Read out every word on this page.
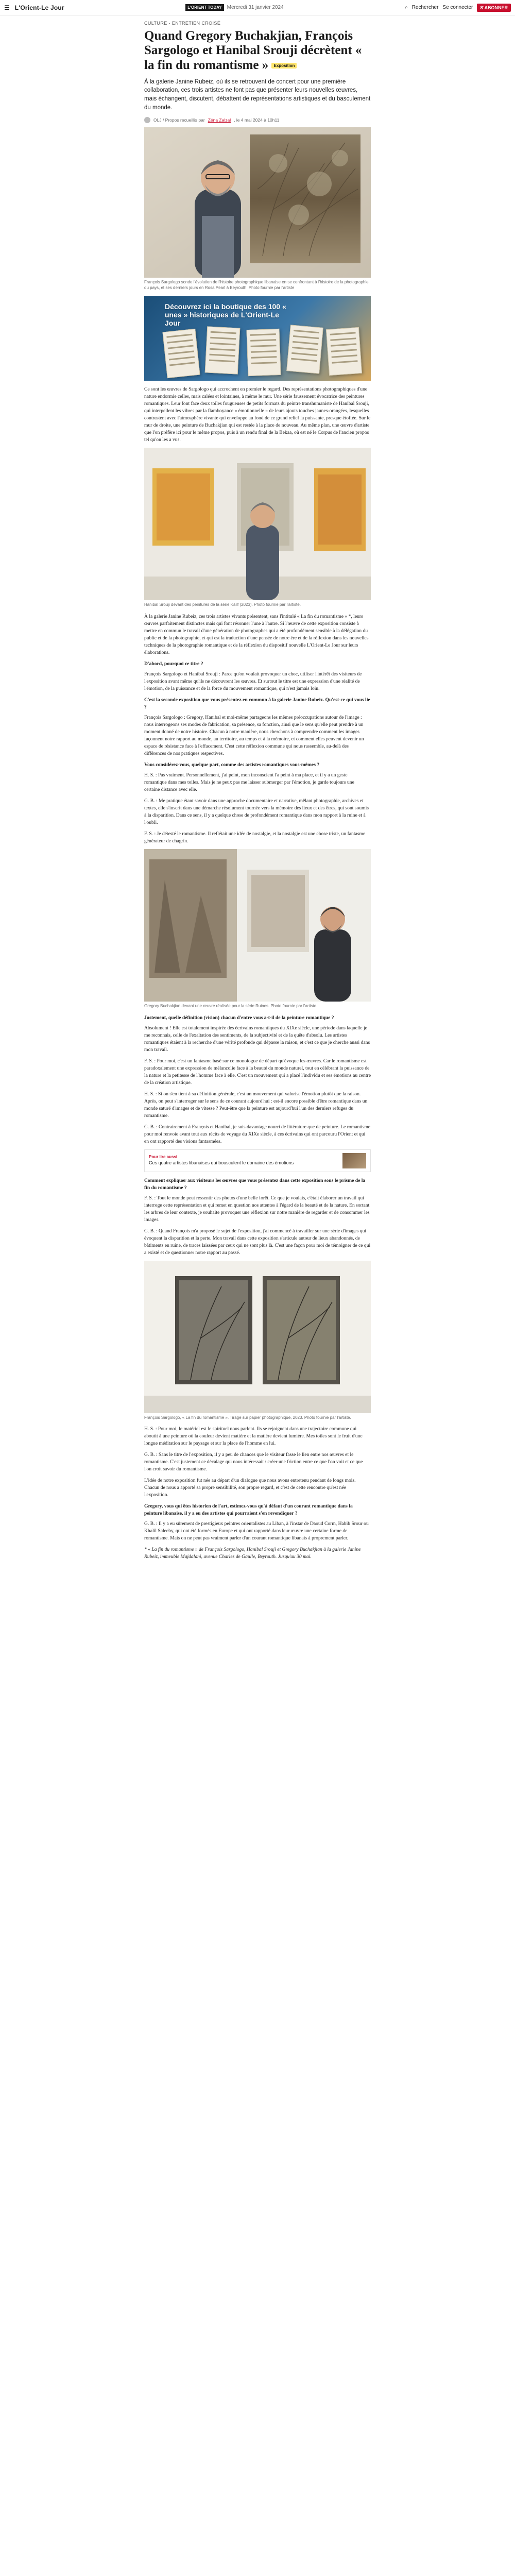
☰ L'Orient-Le Jour	L'ORIENT TODAY	Mercredi 31 janvier 2024	⌕ Rechercher Se connecter	S'ABONNER
CULTURE - ENTRETIEN CROISÉ
Quand Gregory Buchakjian, François Sargologo et Hanibal Srouji décrètent « la fin du romantisme » Exposition
À la galerie Janine Rubeiz, où ils se retrouvent de concert pour une première collaboration, ces trois artistes ne font pas que présenter leurs nouvelles œuvres, mais échangent, discutent, débattent de représentations artistiques et du basculement du monde.
OLJ / Propos recueillis par Zéna Zalzal , le 4 mai 2024 à 10h11
François Sargologo sonde l'évolution de l'histoire photographique libanaise en se confrontant à l'histoire de la photographie du pays, et ses derniers jours en Rosa Pearl à Beyrouth. Photo fournie par l'artiste
Découvrez ici la boutique des 100 « unes » historiques de L'Orient-Le Jour

Ce sont les œuvres de Sargologo qui accrochent en premier le regard. Des représentations photographiques d'une nature endormie celles, mais calées et lointaines, à même le mur. Une série faussement évocatrice des peintures romantiques. Leur font face deux toiles fougueuses de petits formats du peintre transhumaniste de Hanibal Srouji, qui interpellent les vibres par la flamboyance « émotionnelle » de leurs ajouts touches jaunes-orangées, lesquelles contrastent avec l'atmosphère vivante qui enveloppe au fond de ce grand relief la puissante, presque étoffée. Sur le mur de droite, une peinture de Buchakjian qui est restée à la place de nouveau. Au même plan, une œuvre d'artiste que l'on préfère ici pour le même propos, puis à un rendu final de la Bekaa, où est né le Corpus de l'ancien propos tel qu'on les a vus.

Hanibal Srouji devant des peintures de la série Kâlif (2023). Photo fournie par l'artiste.

À la galerie Janine Rubeiz, ces trois artistes vivants présentent, sans l'intitulé « La fin du romantisme » *, leurs œuvres parfaitement distinctes mais qui font résonner l'une à l'autre. Si l'œuvre de cette exposition consiste à mettre en commun le travail d'une génération de photographes qui a été profondément sensible à la délégation du public et de la photographie, et qui est la traduction d'une pensée de notre ère et de la réflexion dans les nouvelles techniques de la photographie romantique et de la réflexion du dispositif nouvelle L'Orient-Le Jour sur leurs élaborations.

D'abord, pourquoi ce titre ?

François Sargologo et Hanibal Srouji : Parce qu'on voulait provoquer un choc, utiliser l'intérêt des visiteurs de l'exposition avant même qu'ils ne découvrent les œuvres. Et surtout le titre est une expression d'une réalité de l'émotion, de la puissance et de la force du mouvement romantique, qui n'est jamais loin.

C'est la seconde exposition que vous présentez en commun à la galerie Janine Rubeiz. Qu'est-ce qui vous lie ?

François Sargologo : Gregory, Hanibal et moi-même partageons les mêmes préoccupations autour de l'image : nous interrogeons ses modes de fabrication, sa présence, sa fonction, ainsi que le sens qu'elle peut prendre à un moment donné de notre histoire. Chacun à notre manière, nous cherchons à comprendre comment les images façonnent notre rapport au monde, au territoire, au temps et à la mémoire, et comment elles peuvent devenir un espace de résistance face à l'effacement. C'est cette réflexion commune qui nous rassemble, au-delà des différences de nos pratiques respectives.

Vous considérez-vous, quelque part, comme des artistes romantiques vous-mêmes ?

H. S. : Pas vraiment. Personnellement, j'ai peint, mon inconscient l'a peint à ma place, et il y a un geste romantique dans mes toiles. Mais je ne peux pas me laisser submerger par l'émotion, je garde toujours une certaine distance avec elle.

G. B. : Me pratique étant savoir dans une approche documentaire et narrative, mêlant photographie, archives et textes, elle s'inscrit dans une démarche résolument tournée vers la mémoire des lieux et des êtres, qui sont soumis à la disparition. Dans ce sens, il y a quelque chose de profondément romantique dans mon rapport à la ruine et à l'oubli.

F. S. : Je détesté le romantisme. Il reflétait une idée de nostalgie, et la nostalgie est une chose triste, un fantasme générateur de chagrin.

Gregory Buchakjian devant une œuvre réalisée pour la série Ruines. Photo fournie par l'artiste.

Justement, quelle définition (vision) chacun d'entre vous a-t-il de la peinture romantique ?

Absolument ! Elle est totalement inspirée des écrivains romantiques du XIXe siècle, une période dans laquelle je me reconnais, celle de l'exaltation des sentiments, de la subjectivité et de la quête d'absolu. Les artistes romantiques étaient à la recherche d'une vérité profonde qui dépasse la raison, et c'est ce que je cherche aussi dans mon travail.

F. S. : Pour moi, c'est un fantasme basé sur ce monologue de départ qu'évoque les œuvres. Car le romantisme est paradoxalement une expression de mélancolie face à la beauté du monde naturel, tout en célébrant la puissance de la nature et la petitesse de l'homme face à elle. C'est un mouvement qui a placé l'individu et ses émotions au centre de la création artistique.

H. S. : Si on s'en tient à sa définition générale, c'est un mouvement qui valorise l'émotion plutôt que la raison. Après, on peut s'interroger sur le sens de ce courant aujourd'hui : est-il encore possible d'être romantique dans un monde saturé d'images et de vitesse ? Peut-être que la peinture est aujourd'hui l'un des derniers refuges du romantisme.

G. B. : Contrairement à François et Hanibal, je suis davantage nourri de littérature que de peinture. Le romantisme pour moi renvoie avant tout aux récits de voyage du XIXe siècle, à ces écrivains qui ont parcouru l'Orient et qui en ont rapporté des visions fantasmées.

Pour lire aussi
Ces quatre artistes libanaises qui bousculent le domaine des émotions

Comment expliquer aux visiteurs les œuvres que vous présentez dans cette exposition sous le prisme de la fin du romantisme ?

F. S. : Tout le monde peut ressentir des photos d'une belle forêt. Ce que je voulais, c'était élaborer un travail qui interroge cette représentation et qui remet en question nos attentes à l'égard de la beauté et de la nature. En sortant les arbres de leur contexte, je souhaite provoquer une réflexion sur notre manière de regarder et de consommer les images.

G. B. : Quand François m'a proposé le sujet de l'exposition, j'ai commencé à travailler sur une série d'images qui évoquent la disparition et la perte. Mon travail dans cette exposition s'articule autour de lieux abandonnés, de bâtiments en ruine, de traces laissées par ceux qui ne sont plus là. C'est une façon pour moi de témoigner de ce qui a existé et de questionner notre rapport au passé.

François Sargologo, « La fin du romantisme ». Tirage sur papier photographique, 2023. Photo fournie par l'artiste.

H. S. : Pour moi, le matériel est le spirituel nous parlent. Ils se rejoignent dans une trajectoire commune qui aboutit à une peinture où la couleur devient matière et la matière devient lumière. Mes toiles sont le fruit d'une longue méditation sur le paysage et sur la place de l'homme en lui.

G. B. : Sans le titre de l'exposition, il y a peu de chances que le visiteur fasse le lien entre nos œuvres et le romantisme. C'est justement ce décalage qui nous intéressait : créer une friction entre ce que l'on voit et ce que l'on croit savoir du romantisme.

L'idée de notre exposition fut née au départ d'un dialogue que nous avons entretenu pendant de longs mois. Chacun de nous a apporté sa propre sensibilité, son propre regard, et c'est de cette rencontre qu'est née l'exposition.

Gregory, vous qui êtes historien de l'art, estimez-vous qu'à défaut d'un courant romantique dans la peinture libanaise, il y a eu des artistes qui pourraient s'en revendiquer ?

G. B. : Il y a eu sûrement de prestigieux peintres orientalistes au Liban, à l'instar de Daoud Corm, Habib Srour ou Khalil Saleeby, qui ont été formés en Europe et qui ont rapporté dans leur œuvre une certaine forme de romantisme. Mais on ne peut pas vraiment parler d'un courant romantique libanais à proprement parler.

* « La fin du romantisme » de François Sargologo, Hanibal Srouji et Gregory Buchakjian à la galerie Janine Rubeiz, immeuble Majdalani, avenue Charles de Gaulle, Beyrouth. Jusqu'au 30 mai.
